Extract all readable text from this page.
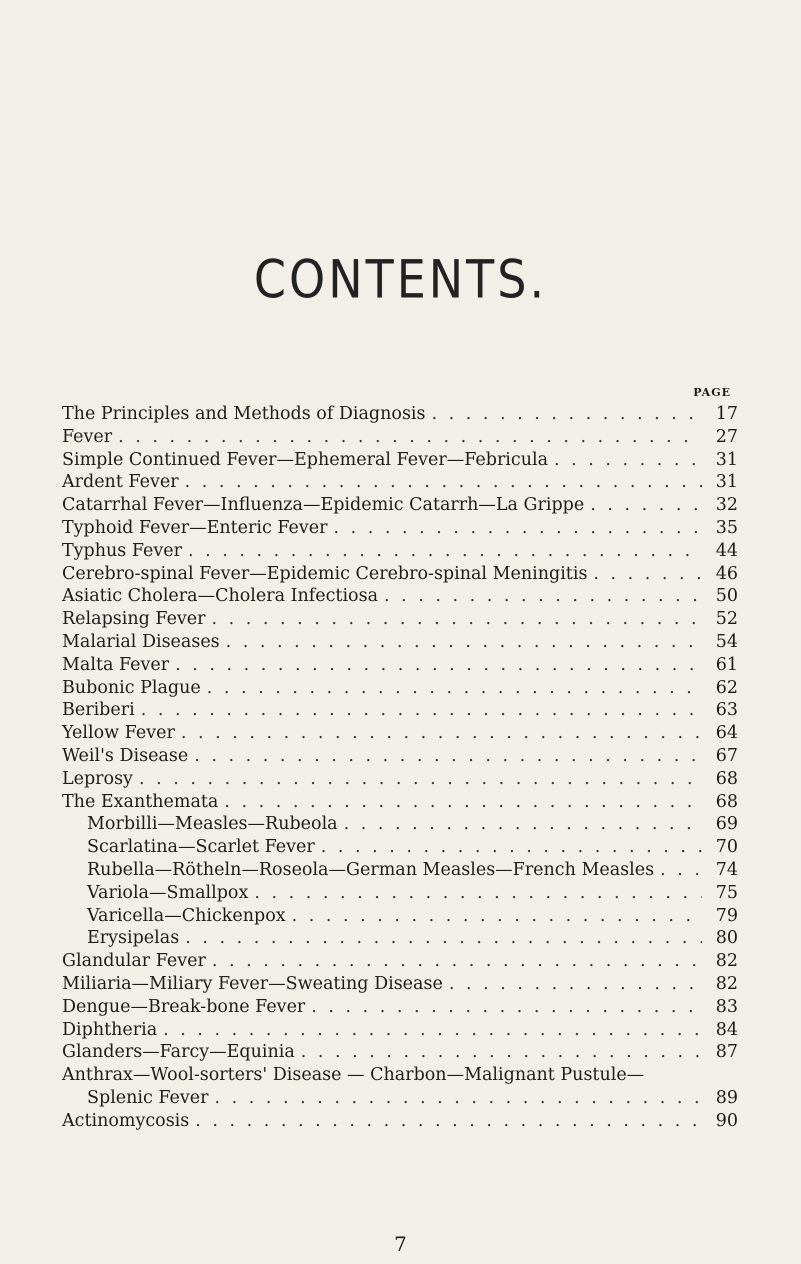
CONTENTS.
PAGE
The Principles and Methods of Diagnosis . . .	17
Fever . . .	27
Simple Continued Fever—Ephemeral Fever—Febricula . . .	31
Ardent Fever . . .	31
Catarrhal Fever—Influenza—Epidemic Catarrh—La Grippe . . .	32
Typhoid Fever—Enteric Fever . . .	35
Typhus Fever . . .	44
Cerebro-spinal Fever—Epidemic Cerebro-spinal Meningitis . . .	46
Asiatic Cholera—Cholera Infectiosa . . .	50
Relapsing Fever . . .	52
Malarial Diseases . . .	54
Malta Fever . . .	61
Bubonic Plague . . .	62
Beriberi . . .	63
Yellow Fever . . .	64
Weil's Disease . . .	67
Leprosy . . .	68
The Exanthemata . . .	68
Morbilli—Measles—Rubeola . . .	69
Scarlatina—Scarlet Fever . . .	70
Rubella—Rötheln—Roseola—German Measles—French Measles . . .	74
Variola—Smallpox . . .	75
Varicella—Chickenpox . . .	79
Erysipelas . . .	80
Glandular Fever . . .	82
Miliaria—Miliary Fever—Sweating Disease . . .	82
Dengue—Break-bone Fever . . .	83
Diphtheria . . .	84
Glanders—Farcy—Equinia . . .	87
Anthrax—Wool-sorters' Disease — Charbon—Malignant Pustule—
Splenic Fever . . .	89
Actinomycosis . . .	90
7
